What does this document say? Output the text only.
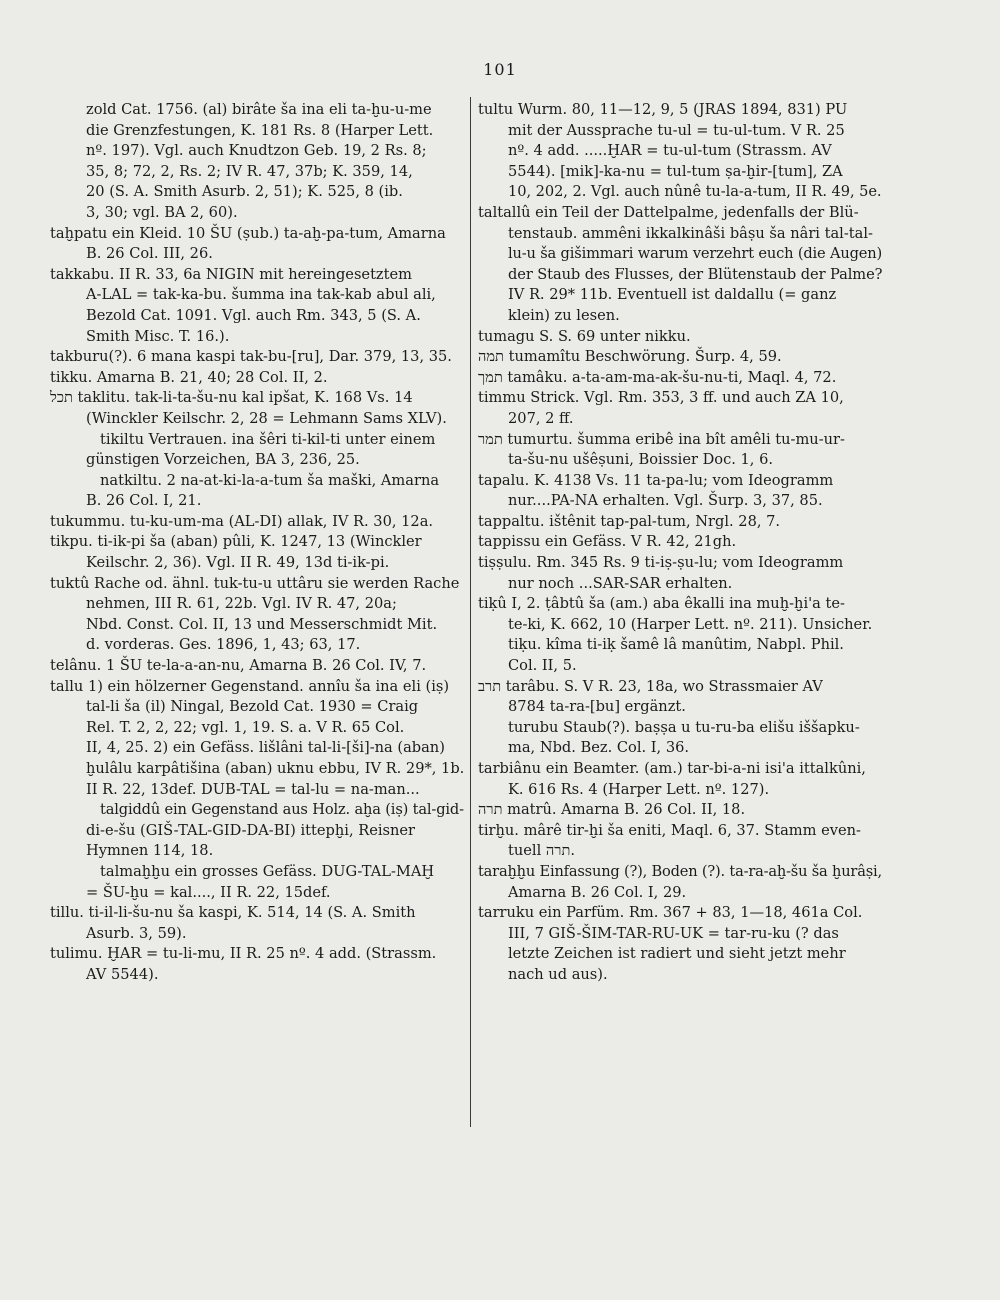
101
zold Cat. 1756. (al) birâte ša ina eli ta-ḫu-u-me
die Grenzfestungen, K. 181 Rs. 8 (Harper Lett.
nº. 197). Vgl. auch Knudtzon Geb. 19, 2 Rs. 8;
35, 8; 72, 2, Rs. 2; IV R. 47, 37b; K. 359, 14,
20 (S. A. Smith Asurb. 2, 51); K. 525, 8 (ib.
3, 30; vgl. BA 2, 60).
taḫpatu ein Kleid. 10 ŠU (ṣub.) ta-aḫ-pa-tum, Amarna
B. 26 Col. III, 26.
takkabu. II R. 33, 6a NIGIN mit hereingesetztem
A-LAL = tak-ka-bu. šumma ina tak-kab abul ali,
Bezold Cat. 1091. Vgl. auch Rm. 343, 5 (S. A.
Smith Misc. T. 16.).
takburu(?). 6 mana kaspi tak-bu-[ru], Dar. 379, 13, 35.
tikku. Amarna B. 21, 40; 28 Col. II, 2.
תכל taklitu. tak-li-ta-šu-nu kal ipšat, K. 168 Vs. 14
(Winckler Keilschr. 2, 28 = Lehmann Sams XLV).
tikiltu Vertrauen. ina šêri ti-kil-ti unter einem
günstigen Vorzeichen, BA 3, 236, 25.
natkiltu. 2 na-at-ki-la-a-tum ša maški, Amarna
B. 26 Col. I, 21.
tukummu. tu-ku-um-ma (AL-DI) allak, IV R. 30, 12a.
tikpu. ti-ik-pi ša (aban) pûli, K. 1247, 13 (Winckler
Keilschr. 2, 36). Vgl. II R. 49, 13d ti-ik-pi.
tuktû Rache od. ähnl. tuk-tu-u uttâru sie werden Rache
nehmen, III R. 61, 22b. Vgl. IV R. 47, 20a;
Nbd. Const. Col. II, 13 und Messerschmidt Mit.
d. vorderas. Ges. 1896, 1, 43; 63, 17.
telânu. 1 ŠU te-la-a-an-nu, Amarna B. 26 Col. IV, 7.
tallu 1) ein hölzerner Gegenstand. annîu ša ina eli (iṣ)
tal-li ša (il) Ningal, Bezold Cat. 1930 = Craig
Rel. T. 2, 2, 22; vgl. 1, 19. S. a. V R. 65 Col.
II, 4, 25. 2) ein Gefäss. lišlâni tal-li-[ši]-na (aban)
ḫulâlu karpâtišina (aban) uknu ebbu, IV R. 29*, 1b.
II R. 22, 13def. DUB-TAL = tal-lu = na-man...
talgiddû ein Gegenstand aus Holz. aḫa (iṣ) tal-gid-
di-e-šu (GIŠ-TAL-GID-DA-BI) ittepḫi, Reisner
Hymnen 114, 18.
talmaḫḫu ein grosses Gefäss. DUG-TAL-MAḪ
= ŠU-ḫu = kal...., II R. 22, 15def.
tillu. ti-il-li-šu-nu ša kaspi, K. 514, 14 (S. A. Smith
Asurb. 3, 59).
tulimu. ḪAR = tu-li-mu, II R. 25 nº. 4 add. (Strassm.
AV 5544).
tultu Wurm. 80, 11—12, 9, 5 (JRAS 1894, 831) PU
mit der Aussprache tu-ul = tu-ul-tum. V R. 25
nº. 4 add. .....ḪAR = tu-ul-tum (Strassm. AV
5544). [mik]-ka-nu = tul-tum ṣa-ḫir-[tum], ZA
10, 202, 2. Vgl. auch nûnê tu-la-a-tum, II R. 49, 5e.
taltallû ein Teil der Dattelpalme, jedenfalls der Blü-
tenstaub. ammêni ikkalkinâši bâṣu ša nâri tal-tal-
lu-u ša gišimmari warum verzehrt euch (die Augen)
der Staub des Flusses, der Blütenstaub der Palme?
IV R. 29* 11b. Eventuell ist daldallu (= ganz
klein) zu lesen.
tumagu S. S. 69 unter nikku.
תמה tumamîtu Beschwörung. Šurp. 4, 59.
תמך tamâku. a-ta-am-ma-ak-šu-nu-ti, Maql. 4, 72.
timmu Strick. Vgl. Rm. 353, 3 ff. und auch ZA 10,
207, 2 ff.
תמר tumurtu. šumma eribê ina bît amêli tu-mu-ur-
ta-šu-nu ušêṣuni, Boissier Doc. 1, 6.
tapalu. K. 4138 Vs. 11 ta-pa-lu; vom Ideogramm
nur....PA-NA erhalten. Vgl. Šurp. 3, 37, 85.
tappaltu. ištênit tap-pal-tum, Nrgl. 28, 7.
tappissu ein Gefäss. V R. 42, 21gh.
tiṣṣulu. Rm. 345 Rs. 9 ti-iṣ-ṣu-lu; vom Ideogramm
nur noch ...SAR-SAR erhalten.
tiḳû I, 2. ṭâbtû ša (am.) aba êkalli ina muḫ-ḫi'a te-
te-ki, K. 662, 10 (Harper Lett. nº. 211). Unsicher.
tiḳu. kîma ti-iḳ šamê lâ manûtim, Nabpl. Phil.
Col. II, 5.
תרב tarâbu. S. V R. 23, 18a, wo Strassmaier AV
8784 ta-ra-[bu] ergänzt.
turubu Staub(?). baṣṣa u tu-ru-ba elišu iššapku-
ma, Nbd. Bez. Col. I, 36.
tarbiânu ein Beamter. (am.) tar-bi-a-ni isi'a ittalkûni,
K. 616 Rs. 4 (Harper Lett. nº. 127).
תרה matrû. Amarna B. 26 Col. II, 18.
tirḫu. mârê tir-ḫi ša eniti, Maql. 6, 37. Stamm even-
tuell תרה.
taraḫḫu Einfassung (?), Boden (?). ta-ra-aḫ-šu ša ḫurâṣi,
Amarna B. 26 Col. I, 29.
tarruku ein Parfüm. Rm. 367 + 83, 1—18, 461a Col.
III, 7 GIŠ-ŠIM-TAR-RU-UK = tar-ru-ku (? das
letzte Zeichen ist radiert und sieht jetzt mehr
nach ud aus).
